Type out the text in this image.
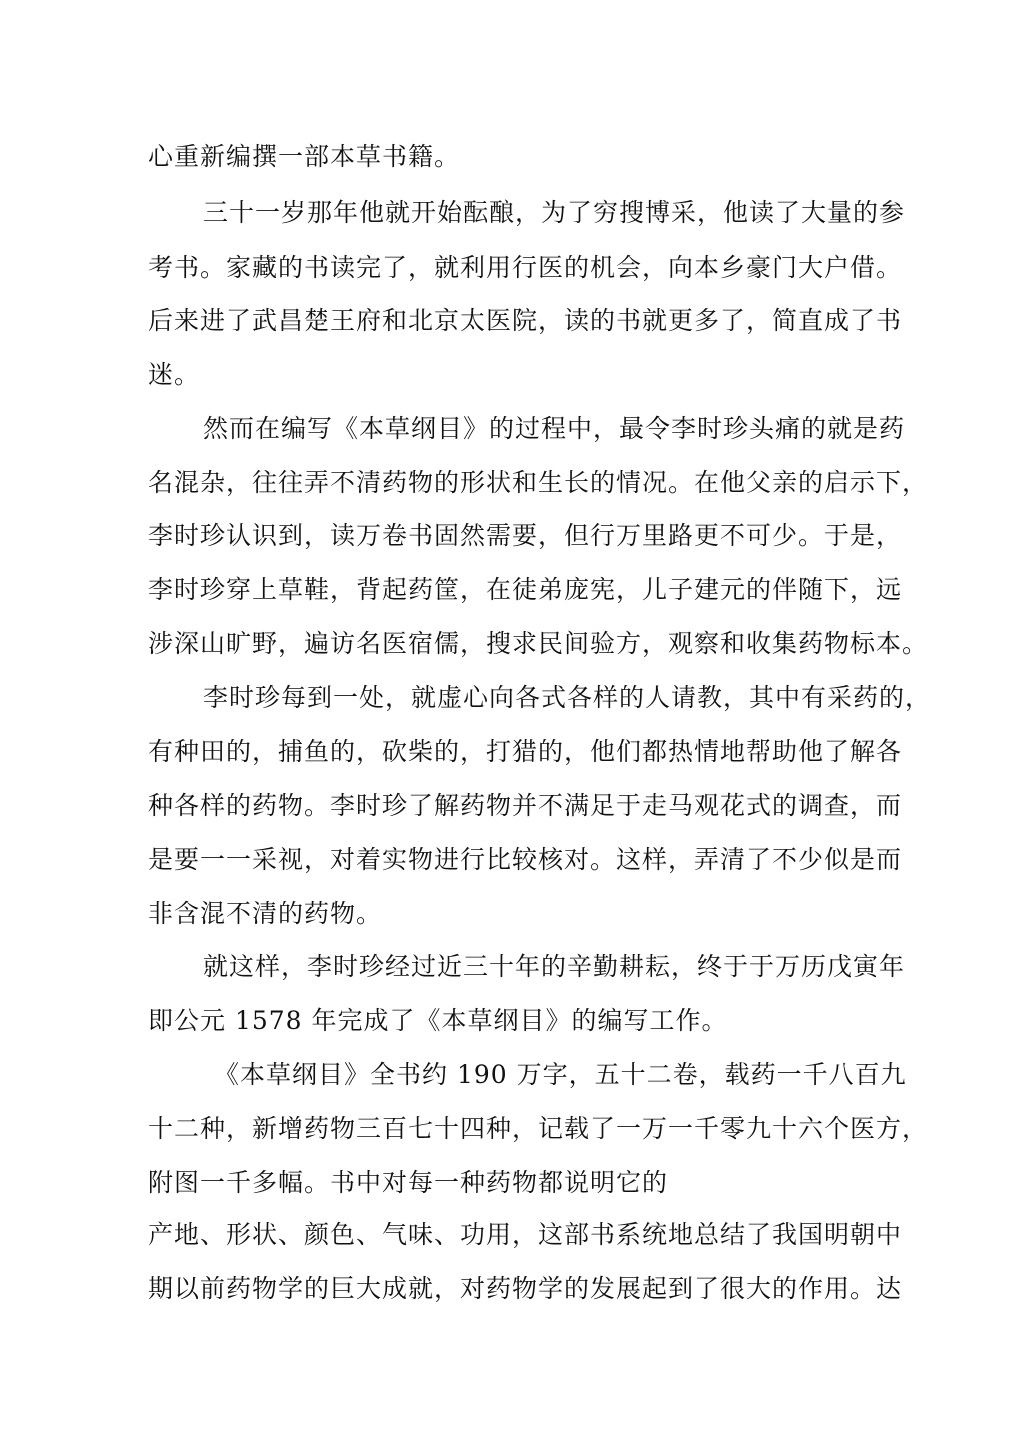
心重新编撰一部本草书籍。
三十一岁那年他就开始酝酿，为了穷搜博采，他读了大量的参
考书。家藏的书读完了，就利用行医的机会，向本乡豪门大户借。
后来进了武昌楚王府和北京太医院，读的书就更多了，简直成了书
迷。
然而在编写《本草纲目》的过程中，最令李时珍头痛的就是药
名混杂，往往弄不清药物的形状和生长的情况。在他父亲的启示下，
李时珍认识到，读万卷书固然需要，但行万里路更不可少。于是，
李时珍穿上草鞋，背起药筐，在徒弟庞宪，儿子建元的伴随下，远
涉深山旷野，遍访名医宿儒，搜求民间验方，观察和收集药物标本。
李时珍每到一处，就虚心向各式各样的人请教，其中有采药的，
有种田的，捕鱼的，砍柴的，打猎的，他们都热情地帮助他了解各
种各样的药物。李时珍了解药物并不满足于走马观花式的调查，而
是要一一采视，对着实物进行比较核对。这样，弄清了不少似是而
非含混不清的药物。
就这样，李时珍经过近三十年的辛勤耕耘，终于于万历戊寅年
即公元 1578 年完成了《本草纲目》的编写工作。
《本草纲目》全书约 190 万字，五十二卷，载药一千八百九
十二种，新增药物三百七十四种，记载了一万一千零九十六个医方，
附图一千多幅。书中对每一种药物都说明它的
产地、形状、颜色、气味、功用，这部书系统地总结了我国明朝中
期以前药物学的巨大成就，对药物学的发展起到了很大的作用。达
